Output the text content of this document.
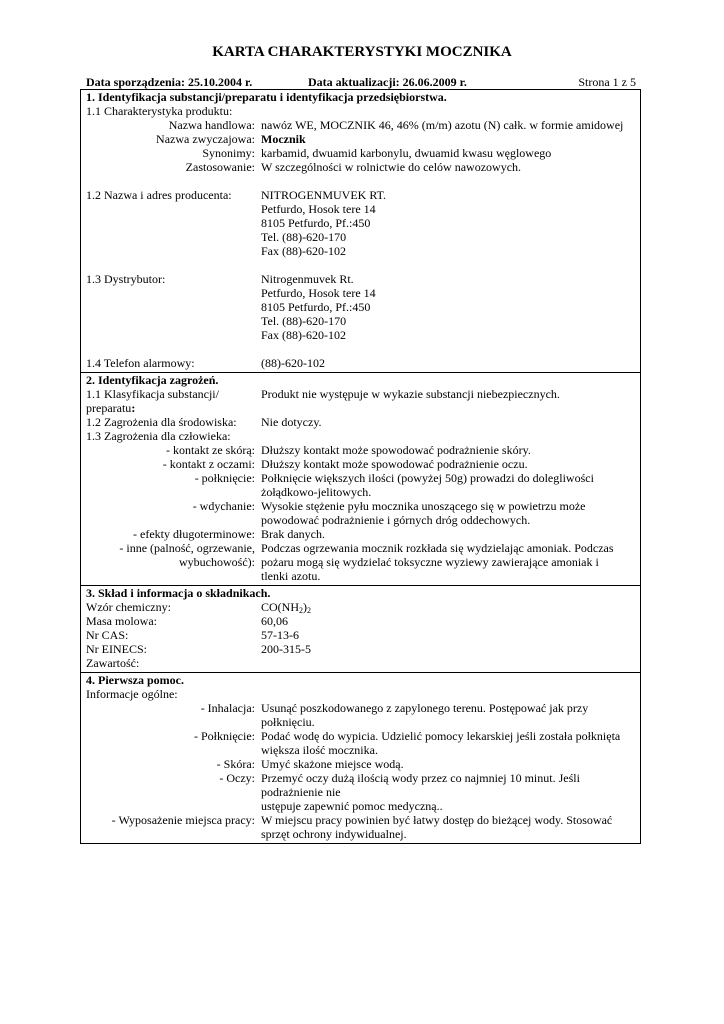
KARTA CHARAKTERYSTYKI MOCZNIKA
Data sporządzenia: 25.10.2004 r.	Data aktualizacji: 26.06.2009 r.	Strona 1 z 5
1. Identyfikacja substancji/preparatu i identyfikacja przedsiębiorstwa.
1.1 Charakterystyka produktu:
Nazwa handlowa: nawóz WE, MOCZNIK 46, 46% (m/m) azotu (N) całk. w formie amidowej
Nazwa zwyczajowa: Mocznik
Synonimy: karbamid, dwuamid karbonylu, dwuamid kwasu węglowego
Zastosowanie: W szczególności w rolnictwie do celów nawozowych.
1.2 Nazwa i adres producenta:	NITROGENMUVEK RT.
Petfurdo, Hosok tere 14
8105 Petfurdo, Pf.:450
Tel. (88)-620-170
Fax (88)-620-102
1.3 Dystrybutor:	Nitrogenmuvek Rt.
Petfurdo, Hosok tere 14
8105 Petfurdo, Pf.:450
Tel. (88)-620-170
Fax (88)-620-102
1.4 Telefon alarmowy:	(88)-620-102
2. Identyfikacja zagrożeń.
1.1 Klasyfikacja substancji/
preparatu:
Produkt nie występuje w wykazie substancji niebezpiecznych.
1.2 Zagrożenia dla środowiska:	Nie dotyczy.
1.3 Zagrożenia dla człowieka:
- kontakt ze skórą: Dłuższy kontakt może spowodować podrażnienie skóry.
- kontakt z oczami: Dłuższy kontakt może spowodować podrażnienie oczu.
- połknięcie: Połknięcie większych ilości (powyżej 50g) prowadzi do dolegliwości
żołądkowo-jelitowych.
- wdychanie: Wysokie stężenie pyłu mocznika unoszącego się w powietrzu może
powodować podrażnienie i górnych dróg oddechowych.
- efekty długoterminowe: Brak danych.
- inne (palność, ogrzewanie,
wybuchowość):
Podczas ogrzewania mocznik rozkłada się wydzielając amoniak. Podczas
pożaru mogą się wydzielać toksyczne wyziewy zawierające amoniak i
tlenki azotu.
3. Skład i informacja o składnikach.
Wzór chemiczny:	$CO(NH_2)_2$
Masa molowa:	60,06
Nr CAS:	57-13-6
Nr EINECS:	200-315-5
Zawartość:
4. Pierwsza pomoc.
Informacje ogólne:
- Inhalacja: Usunąć poszkodowanego z zapylonego terenu. Postępować jak przy
połknięciu.
- Połknięcie: Podać wodę do wypicia. Udzielić pomocy lekarskiej jeśli została połknięta
większa ilość mocznika.
- Skóra: Umyć skażone miejsce wodą.
- Oczy: Przemyć oczy dużą ilością wody przez co najmniej 10 minut. Jeśli
podrażnienie nie
ustępuje zapewnić pomoc medyczną..
- Wyposażenie miejsca pracy: W miejscu pracy powinien być łatwy dostęp do bieżącej wody. Stosować
sprzęt ochrony indywidualnej.
